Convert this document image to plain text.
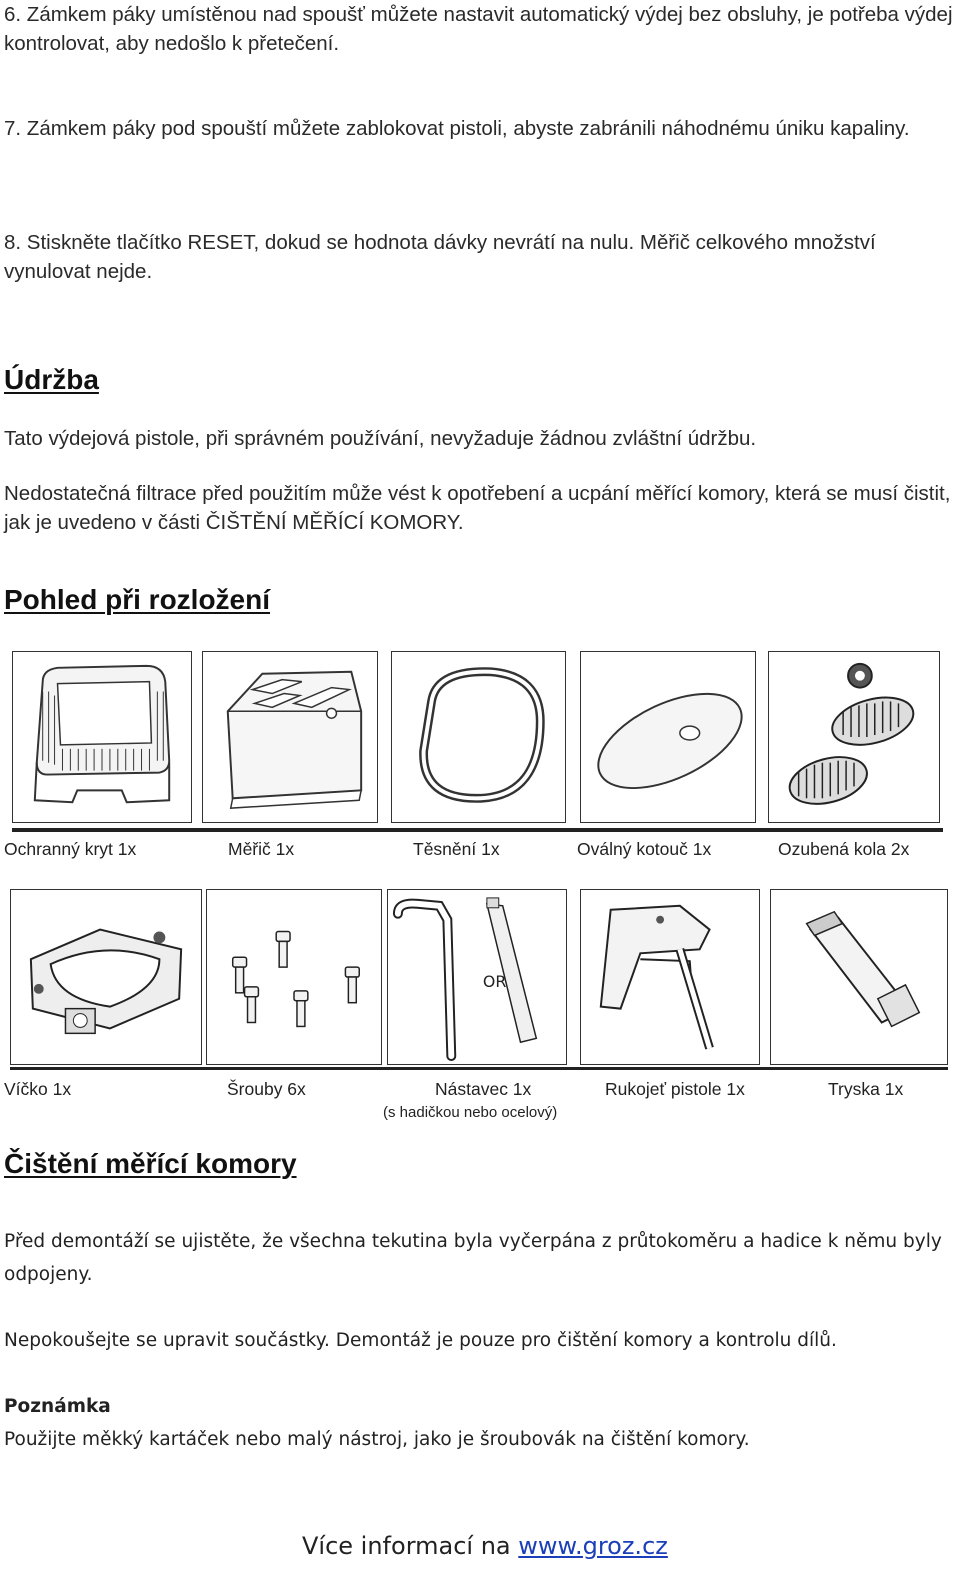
6. Zámkem páky umístěnou nad spoušť můžete nastavit automatický výdej bez obsluhy, je potřeba výdej kontrolovat, aby nedošlo k přetečení.

7. Zámkem páky pod spouští můžete zablokovat pistoli, abyste zabránili náhodnému úniku kapaliny.

8. Stiskněte tlačítko RESET, dokud se hodnota dávky nevrátí na nulu. Měřič celkového množství vynulovat nejde.

Údržba

Tato výdejová pistole, při správném používání, nevyžaduje žádnou zvláštní údržbu.

Nedostatečná filtrace před použitím může vést k opotřebení a ucpání měřící komory, která se musí čistit, jak je uvedeno v části ČIŠTĚNÍ MĚŘÍCÍ KOMORY.

Pohled při rozložení
Ochranný kryt 1x	Měřič 1x	Těsnění 1x	Oválný kotouč 1x	Ozubená kola 2x
OR
Víčko 1x	Šrouby 6x	Nástavec 1x
(s hadičkou nebo ocelový)
Rukojeť pistole 1x	Tryska 1x
Čištění měřící komory

Před demontáží se ujistěte, že všechna tekutina byla vyčerpána z průtokoměru a hadice k němu byly odpojeny.

Nepokoušejte se upravit součástky. Demontáž je pouze pro čištění komory a kontrolu dílů.

Poznámka

Použijte měkký kartáček nebo malý nástroj, jako je šroubovák na čištění komory.

Více informací na www.groz.cz
